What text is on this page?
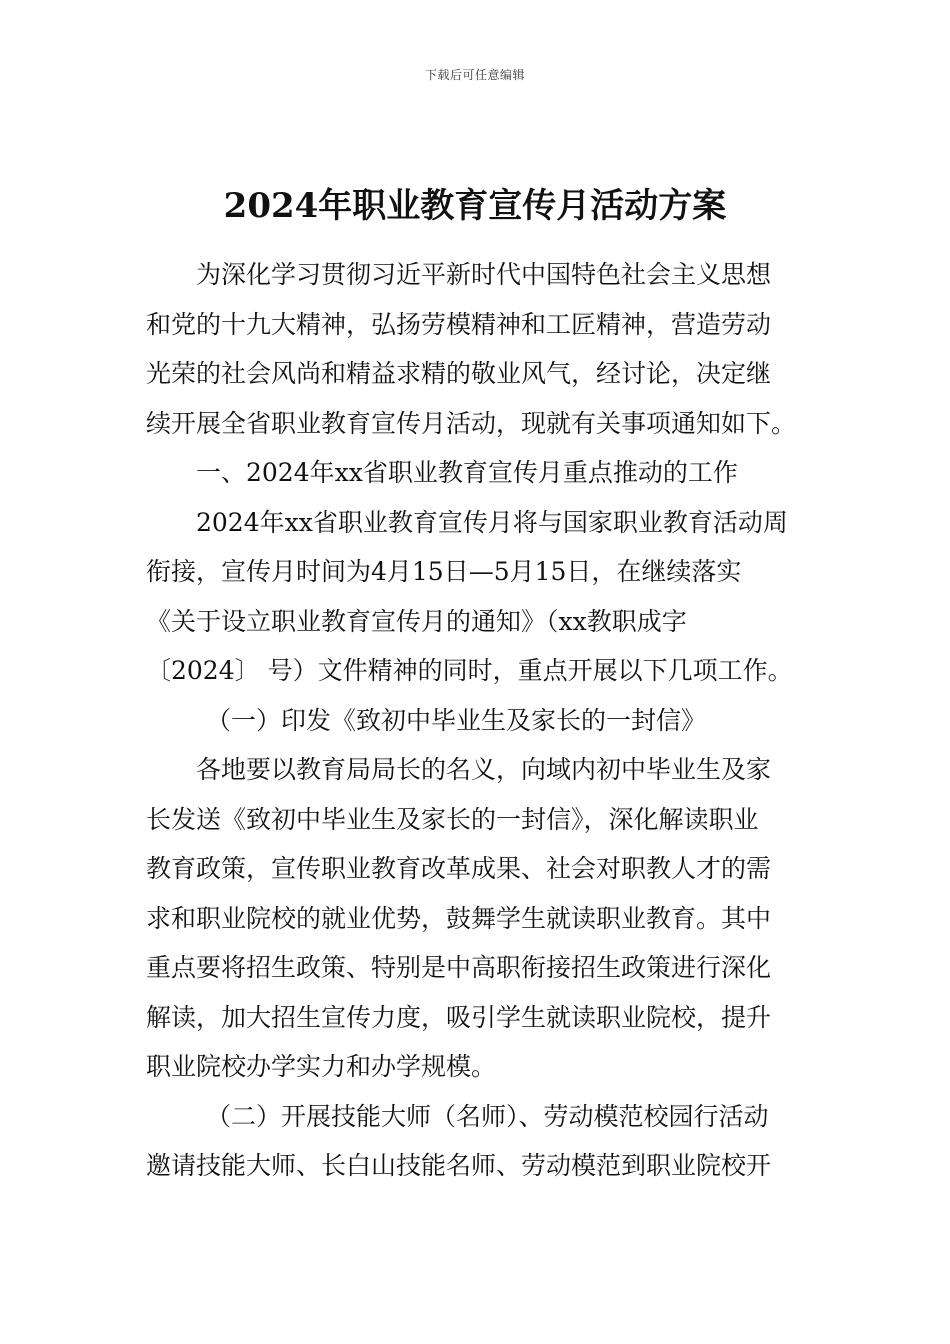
下载后可任意编辑
2024年职业教育宣传月活动方案
为深化学习贯彻习近平新时代中国特色社会主义思想
和党的十九大精神，弘扬劳模精神和工匠精神，营造劳动
光荣的社会风尚和精益求精的敬业风气，经讨论，决定继
续开展全省职业教育宣传月活动，现就有关事项通知如下。
一、2024年xx省职业教育宣传月重点推动的工作
2024年xx省职业教育宣传月将与国家职业教育活动周
衔接，宣传月时间为4月15日—5月15日，在继续落实
《关于设立职业教育宣传月的通知》（xx教职成字
〔2024〕 号）文件精神的同时，重点开展以下几项工作。
（一）印发《致初中毕业生及家长的一封信》
各地要以教育局局长的名义，向域内初中毕业生及家
长发送《致初中毕业生及家长的一封信》，深化解读职业
教育政策，宣传职业教育改革成果、社会对职教人才的需
求和职业院校的就业优势，鼓舞学生就读职业教育。其中
重点要将招生政策、特别是中高职衔接招生政策进行深化
解读，加大招生宣传力度，吸引学生就读职业院校，提升
职业院校办学实力和办学规模。
（二）开展技能大师（名师）、劳动模范校园行活动
邀请技能大师、长白山技能名师、劳动模范到职业院校开
